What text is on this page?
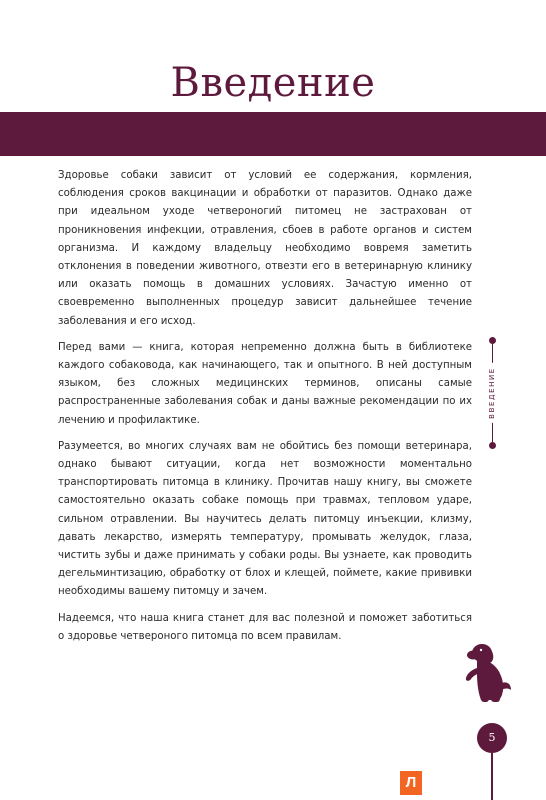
Введение

Здоровье собаки зависит от условий ее содержания, кормления, соблюдения сроков вакцинации и обработки от паразитов. Однако даже при идеальном уходе четвероногий питомец не застрахован от проникновения инфекции, отравления, сбоев в работе органов и систем организма. И каждому владельцу необходимо вовремя заметить отклонения в поведении животного, отвезти его в ветеринарную клинику или оказать помощь в домашних условиях. Зачастую именно от своевременно выполненных процедур зависит дальнейшее течение заболевания и его исход.

Перед вами — книга, которая непременно должна быть в библиотеке каждого собаковода, как начинающего, так и опытного. В ней доступным языком, без сложных медицинских терминов, описаны самые распространенные заболевания собак и даны важные рекомендации по их лечению и профилактике.

Разумеется, во многих случаях вам не обойтись без помощи ветеринара, однако бывают ситуации, когда нет возможности моментально транспортировать питомца в клинику. Прочитав нашу книгу, вы сможете самостоятельно оказать собаке помощь при травмах, тепловом ударе, сильном отравлении. Вы научитесь делать питомцу инъекции, клизму, давать лекарство, измерять температуру, промывать желудок, глаза, чистить зубы и даже принимать у собаки роды. Вы узнаете, как проводить дегельминтизацию, обработку от блох и клещей, поймете, какие прививки необходимы вашему питомцу и зачем.

Надеемся, что наша книга станет для вас полезной и поможет заботиться о здоровье четвероного питомца по всем правилам.

ВВЕДЕНИЕ
5
Л
